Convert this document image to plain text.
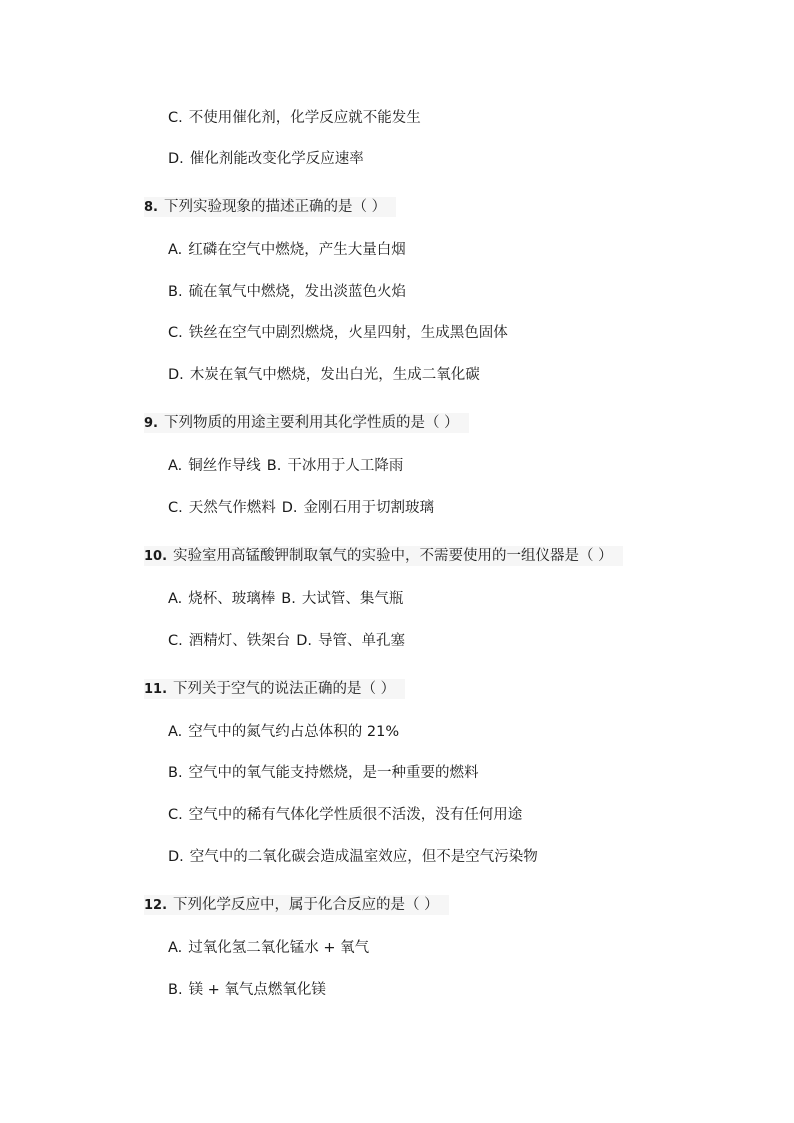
C. 不使用催化剂，化学反应就不能发生
D. 催化剂能改变化学反应速率
8. 下列实验现象的描述正确的是（ ）
A. 红磷在空气中燃烧，产生大量白烟
B. 硫在氧气中燃烧，发出淡蓝色火焰
C. 铁丝在空气中剧烈燃烧，火星四射，生成黑色固体
D. 木炭在氧气中燃烧，发出白光，生成二氧化碳
9. 下列物质的用途主要利用其化学性质的是（ ）
A. 铜丝作导线 B. 干冰用于人工降雨
C. 天然气作燃料 D. 金刚石用于切割玻璃
10. 实验室用高锰酸钾制取氧气的实验中，不需要使用的一组仪器是（ ）
A. 烧杯、玻璃棒 B. 大试管、集气瓶
C. 酒精灯、铁架台 D. 导管、单孔塞
11. 下列关于空气的说法正确的是（ ）
A. 空气中的氮气约占总体积的 21%
B. 空气中的氧气能支持燃烧，是一种重要的燃料
C. 空气中的稀有气体化学性质很不活泼，没有任何用途
D. 空气中的二氧化碳会造成温室效应，但不是空气污染物
12. 下列化学反应中，属于化合反应的是（ ）
A. 过氧化氢二氧化锰水 + 氧气
B. 镁 + 氧气点燃氧化镁
